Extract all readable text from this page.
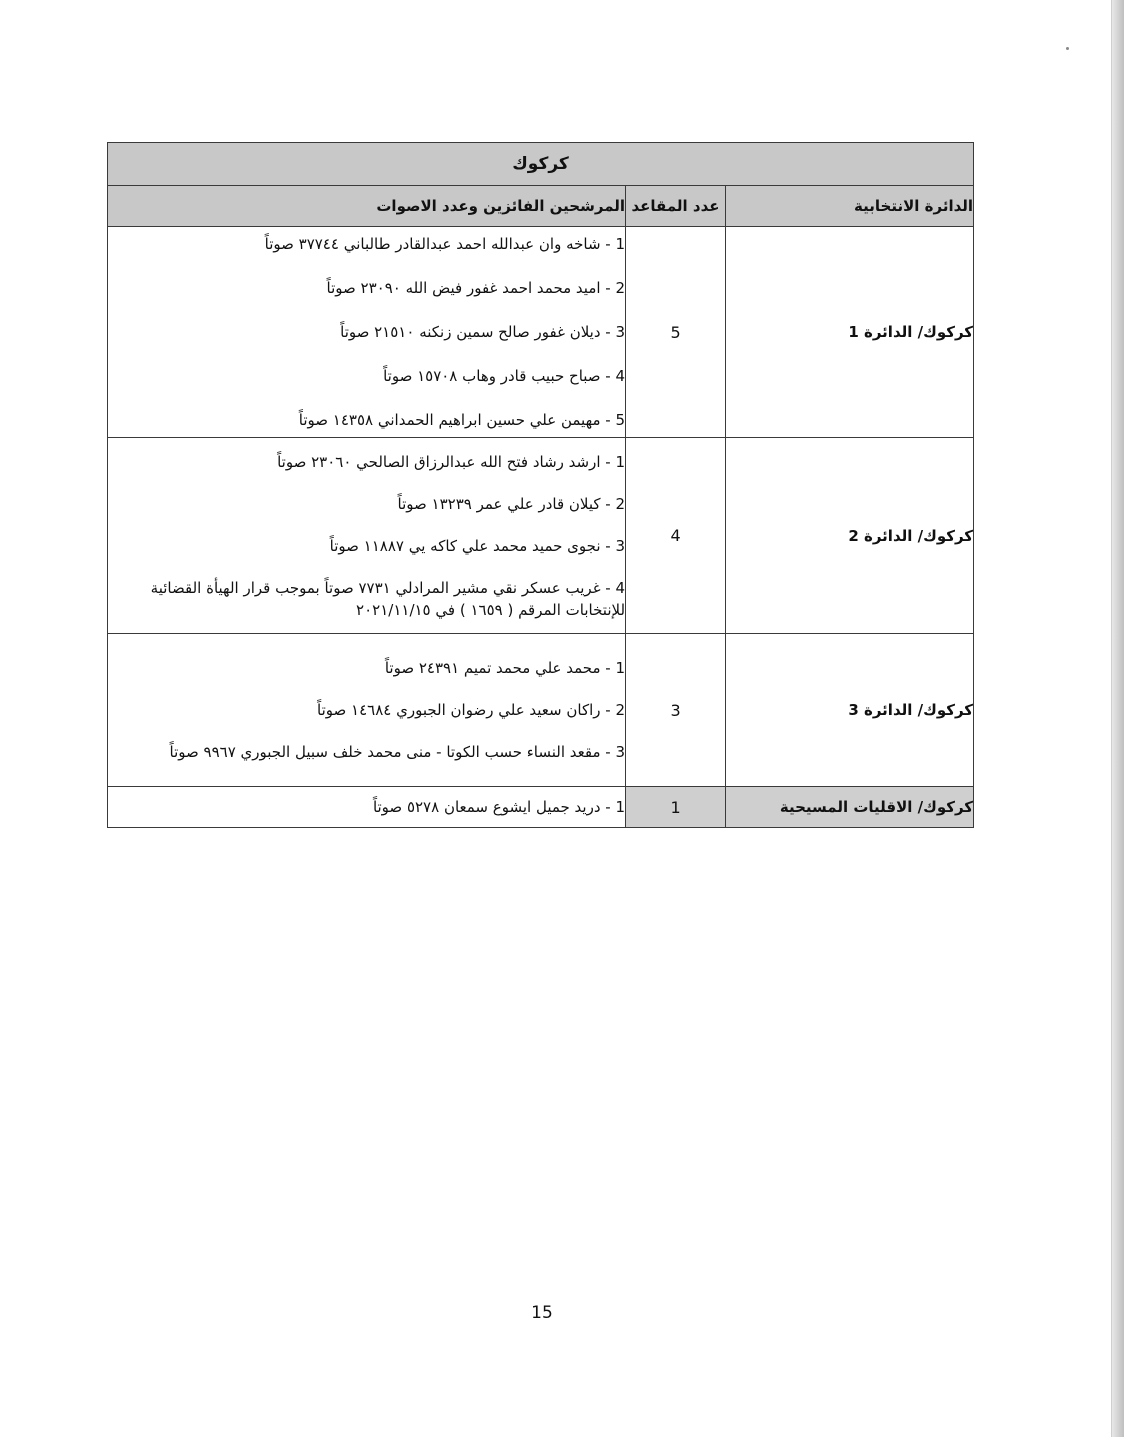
كركوك		
الدائرة الانتخابية	عدد المقاعد	المرشحين الفائزين وعدد الاصوات
كركوك/ الدائرة 1	5	1 - شاخه وان عبدالله احمد عبدالقادر طالباني ٣٧٧٤٤ صوتاً
2 - اميد محمد احمد غفور فيض الله ٢٣٠٩٠ صوتاً
3 - ديلان غفور صالح سمين زنكنه ٢١٥١٠ صوتاً
4 - صباح حبيب قادر وهاب ١٥٧٠٨ صوتاً
5 - مهيمن علي حسين ابراهيم الحمداني ١٤٣٥٨ صوتاً

كركوك/ الدائرة 2	4	1 - ارشد رشاد فتح الله عبدالرزاق الصالحي ٢٣٠٦٠ صوتاً
2 - كيلان قادر علي عمر ١٣٢٣٩ صوتاً
3 - نجوى حميد محمد علي كاكه يي ١١٨٨٧ صوتاً
4 - غريب عسكر نقي مشير المرادلي ٧٧٣١ صوتاً بموجب قرار الهيأة القضائية للإنتخابات المرقم ( ١٦٥٩ ) في ٢٠٢١/١١/١٥

كركوك/ الدائرة 3	3	1 - محمد علي محمد تميم ٢٤٣٩١ صوتاً
2 - راكان سعيد علي رضوان الجبوري ١٤٦٨٤ صوتاً
3 - مقعد النساء حسب الكوتا - منى محمد خلف سبيل الجبوري ٩٩٦٧ صوتاً

كركوك/ الاقليات المسيحية	1	1 - دريد جميل ايشوع سمعان ٥٢٧٨ صوتاً
15
